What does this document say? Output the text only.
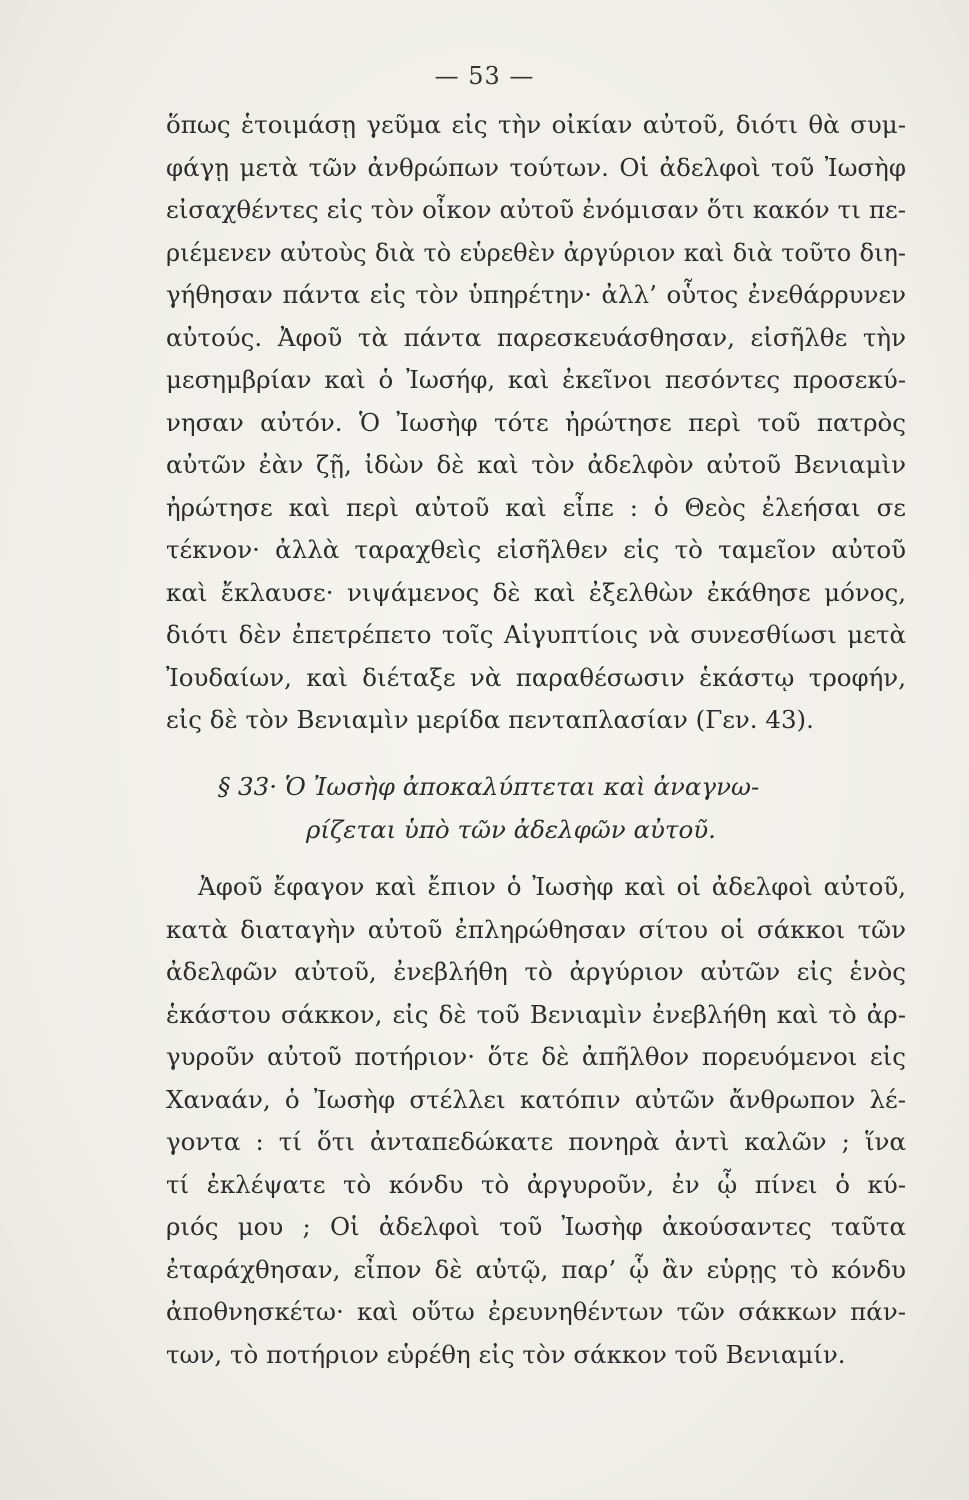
— 53 —
ὅπως ἑτοιμάσῃ γεῦμα εἰς τὴν οἰκίαν αὐτοῦ, διότι θὰ συμ-
φάγῃ μετὰ τῶν ἀνθρώπων τούτων. Οἱ ἀδελφοὶ τοῦ Ἰωσὴφ
εἰσαχθέντες εἰς τὸν οἶκον αὐτοῦ ἐνόμισαν ὅτι κακόν τι πε-
ριέμενεν αὐτοὺς διὰ τὸ εὑρεθὲν ἀργύριον καὶ διὰ τοῦτο διη-
γήθησαν πάντα εἰς τὸν ὑπηρέτην· ἀλλ’ οὗτος ἐνεθάρρυνεν
αὐτούς. Ἀφοῦ τὰ πάντα παρεσκευάσθησαν, εἰσῆλθε τὴν
μεσημβρίαν καὶ ὁ Ἰωσήφ, καὶ ἐκεῖνοι πεσόντες προσεκύ-
νησαν αὐτόν. Ὁ Ἰωσὴφ τότε ἠρώτησε περὶ τοῦ πατρὸς
αὐτῶν ἐὰν ζῇ, ἰδὼν δὲ καὶ τὸν ἀδελφὸν αὐτοῦ Βενιαμὶν
ἠρώτησε καὶ περὶ αὐτοῦ καὶ εἶπε : ὁ Θεὸς ἐλεήσαι σε
τέκνον· ἀλλὰ ταραχθεὶς εἰσῆλθεν εἰς τὸ ταμεῖον αὐτοῦ
καὶ ἔκλαυσε· νιψάμενος δὲ καὶ ἐξελθὼν ἐκάθησε μόνος,
διότι δὲν ἐπετρέπετο τοῖς Αἰγυπτίοις νὰ συνεσθίωσι μετὰ
Ἰουδαίων, καὶ διέταξε νὰ παραθέσωσιν ἑκάστῳ τροφήν,
εἰς δὲ τὸν Βενιαμὶν μερίδα πενταπλασίαν (Γεν. 43).
§ 33· Ὁ Ἰωσὴφ ἀποκαλύπτεται καὶ ἀναγνω-
ρίζεται ὑπὸ τῶν ἀδελφῶν αὐτοῦ.
Ἀφοῦ ἔφαγον καὶ ἔπιον ὁ Ἰωσὴφ καὶ οἱ ἀδελφοὶ αὐτοῦ,
κατὰ διαταγὴν αὐτοῦ ἐπληρώθησαν σίτου οἱ σάκκοι τῶν
ἀδελφῶν αὐτοῦ, ἐνεβλήθη τὸ ἀργύριον αὐτῶν εἰς ἑνὸς
ἑκάστου σάκκον, εἰς δὲ τοῦ Βενιαμὶν ἐνεβλήθη καὶ τὸ ἀρ-
γυροῦν αὐτοῦ ποτήριον· ὅτε δὲ ἀπῆλθον πορευόμενοι εἰς
Χαναάν, ὁ Ἰωσὴφ στέλλει κατόπιν αὐτῶν ἄνθρωπον λέ-
γοντα : τί ὅτι ἀνταπεδώκατε πονηρὰ ἀντὶ καλῶν ; ἵνα
τί ἐκλέψατε τὸ κόνδυ τὸ ἀργυροῦν, ἐν ᾧ πίνει ὁ κύ-
ριός μου ; Οἱ ἀδελφοὶ τοῦ Ἰωσὴφ ἀκούσαντες ταῦτα
ἐταράχθησαν, εἶπον δὲ αὐτῷ, παρ’ ᾧ ἂν εὑρῃς τὸ κόνδυ
ἀποθνησκέτω· καὶ οὕτω ἐρευνηθέντων τῶν σάκκων πάν-
των, τὸ ποτήριον εὑρέθη εἰς τὸν σάκκον τοῦ Βενιαμίν.
